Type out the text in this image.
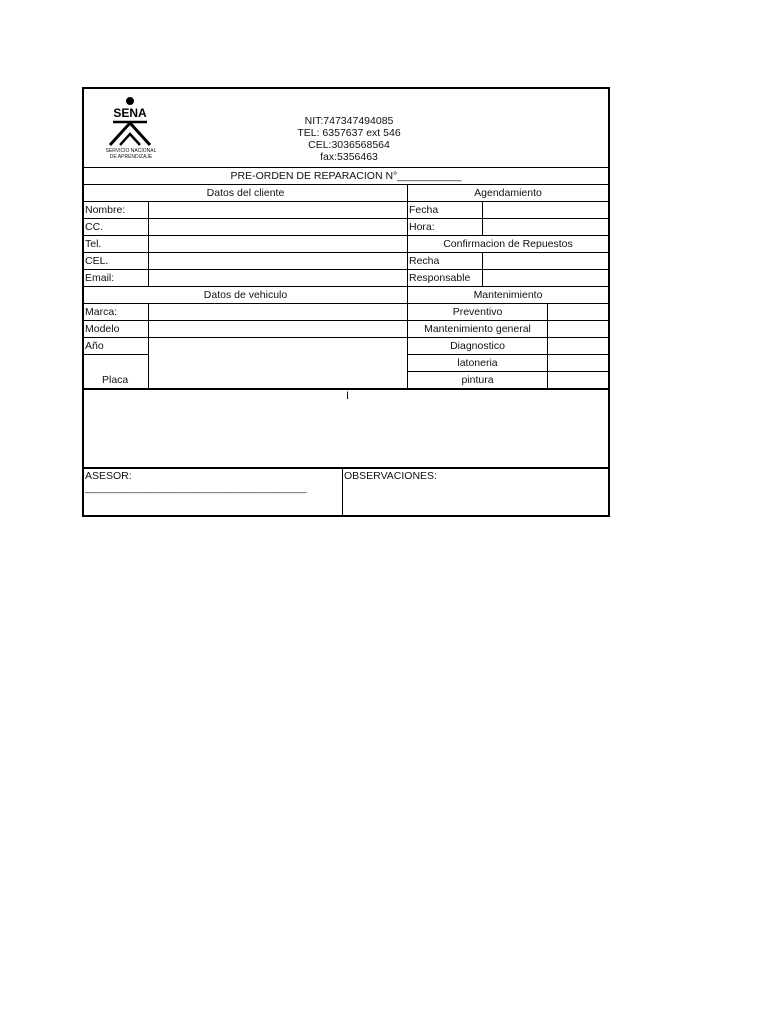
SENA
SERVICIO NACIONAL
DE APRENDIZAJE
NIT:747347494085
TEL: 6357637 ext 546
CEL:3036568564
fax:5356463
PRE-ORDEN DE REPARACION N°___________
Datos del cliente	Agendamiento
Nombre:
CC.
Tel.
CEL.
Email:
Fecha
Hora:
Confirmacion de Repuestos
Recha
Responsable
Datos de vehiculo	Mantenimiento
Marca:
Modelo
Año
Placa
Preventivo
Mantenimiento general
Diagnostico
latoneria
pintura
I
ASESOR:
_______________________________________________
OBSERVACIONES:
